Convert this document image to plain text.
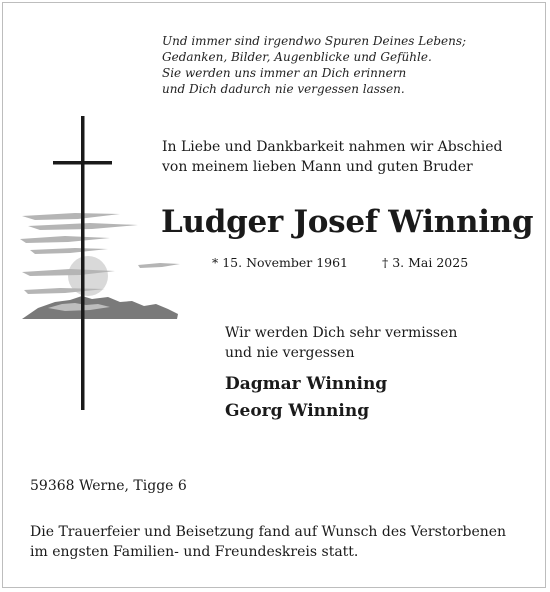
Und immer sind irgendwo Spuren Deines Lebens;
Gedanken, Bilder, Augenblicke und Gefühle.
Sie werden uns immer an Dich erinnern
und Dich dadurch nie vergessen lassen.
In Liebe und Dankbarkeit nahmen wir Abschied
von meinem lieben Mann und guten Bruder
Ludger Josef Winning
* 15. November 1961	† 3. Mai 2025
Wir werden Dich sehr vermissen
und nie vergessen
Dagmar Winning
Georg Winning
59368 Werne, Tigge 6
Die Trauerfeier und Beisetzung fand auf Wunsch des Verstorbenen
im engsten Familien- und Freundeskreis statt.
